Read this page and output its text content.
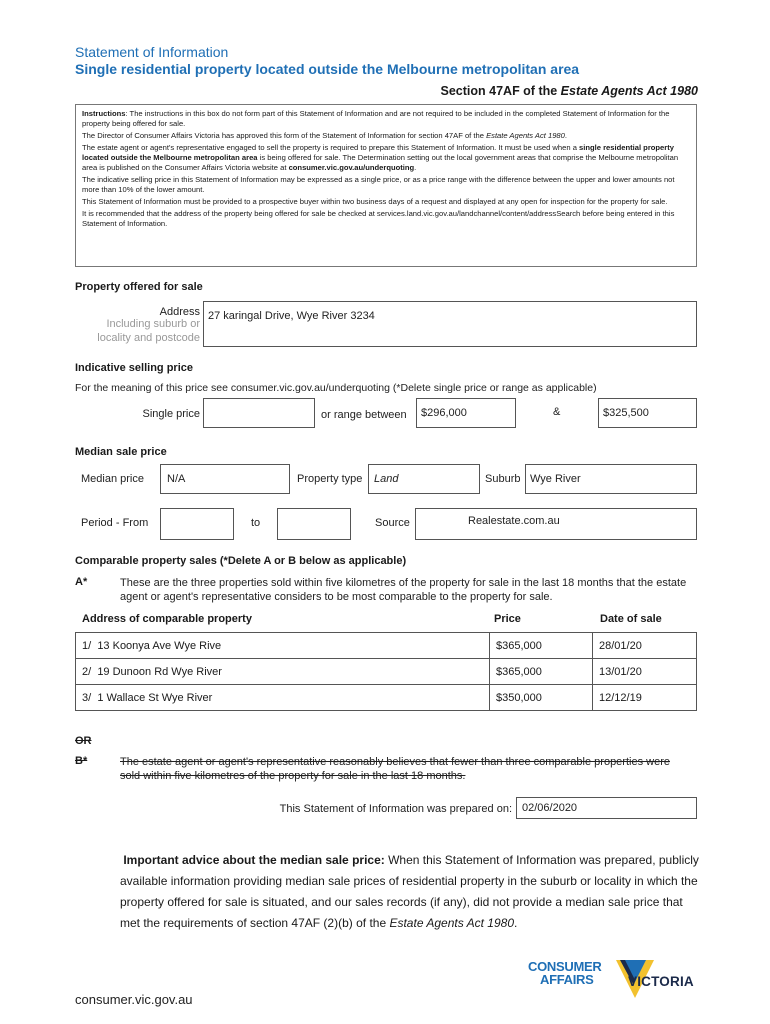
Statement of Information
Single residential property located outside the Melbourne metropolitan area
Section 47AF of the Estate Agents Act 1980

Instructions: The instructions in this box do not form part of this Statement of Information and are not required to be included in the completed Statement of Information for the property being offered for sale.

The Director of Consumer Affairs Victoria has approved this form of the Statement of Information for section 47AF of the Estate Agents Act 1980.

The estate agent or agent's representative engaged to sell the property is required to prepare this Statement of Information. It must be used when a single residential property located outside the Melbourne metropolitan area is being offered for sale. The Determination setting out the local government areas that comprise the Melbourne metropolitan area is published on the Consumer Affairs Victoria website at consumer.vic.gov.au/underquoting.

The indicative selling price in this Statement of Information may be expressed as a single price, or as a price range with the difference between the upper and lower amounts not more than 10% of the lower amount.

This Statement of Information must be provided to a prospective buyer within two business days of a request and displayed at any open for inspection for the property for sale.

It is recommended that the address of the property being offered for sale be checked at services.land.vic.gov.au/landchannel/content/addressSearch before being entered in this Statement of Information.

Property offered for sale
Address
Including suburb or
locality and postcode
27 karingal Drive, Wye River 3234
Indicative selling price
For the meaning of this price see consumer.vic.gov.au/underquoting (*Delete single price or range as applicable)
Single price	or range between $296,000	&	$325,500
Median sale price
Median price N/A	Property type Land	Suburb Wye River
Period - From	to	Source	Realestate.com.au
Comparable property sales (*Delete A or B below as applicable)
A*	These are the three properties sold within five kilometres of the property for sale in the last 18 months that the estate agent or agent's representative considers to be most comparable to the property for sale.
Address of comparable property	Price	Date of sale
1/ 13 Koonya Ave Wye Rive	$365,000	28/01/20
2/ 19 Dunoon Rd Wye River	$365,000	13/01/20
3/ 1 Wallace St Wye River	$350,000	12/12/19
OR
B*	The estate agent or agent's representative reasonably believes that fewer than three comparable properties were sold within five kilometres of the property for sale in the last 18 months.
This Statement of Information was prepared on: 02/06/2020
Important advice about the median sale price: When this Statement of Information was prepared, publicly available information providing median sale prices of residential property in the suburb or locality in which the property offered for sale is situated, and our sales records (if any), did not provide a median sale price that met the requirements of section 47AF (2)(b) of the Estate Agents Act 1980.
CONSUMER
AFFAIRS	VICTORIA
consumer.vic.gov.au
